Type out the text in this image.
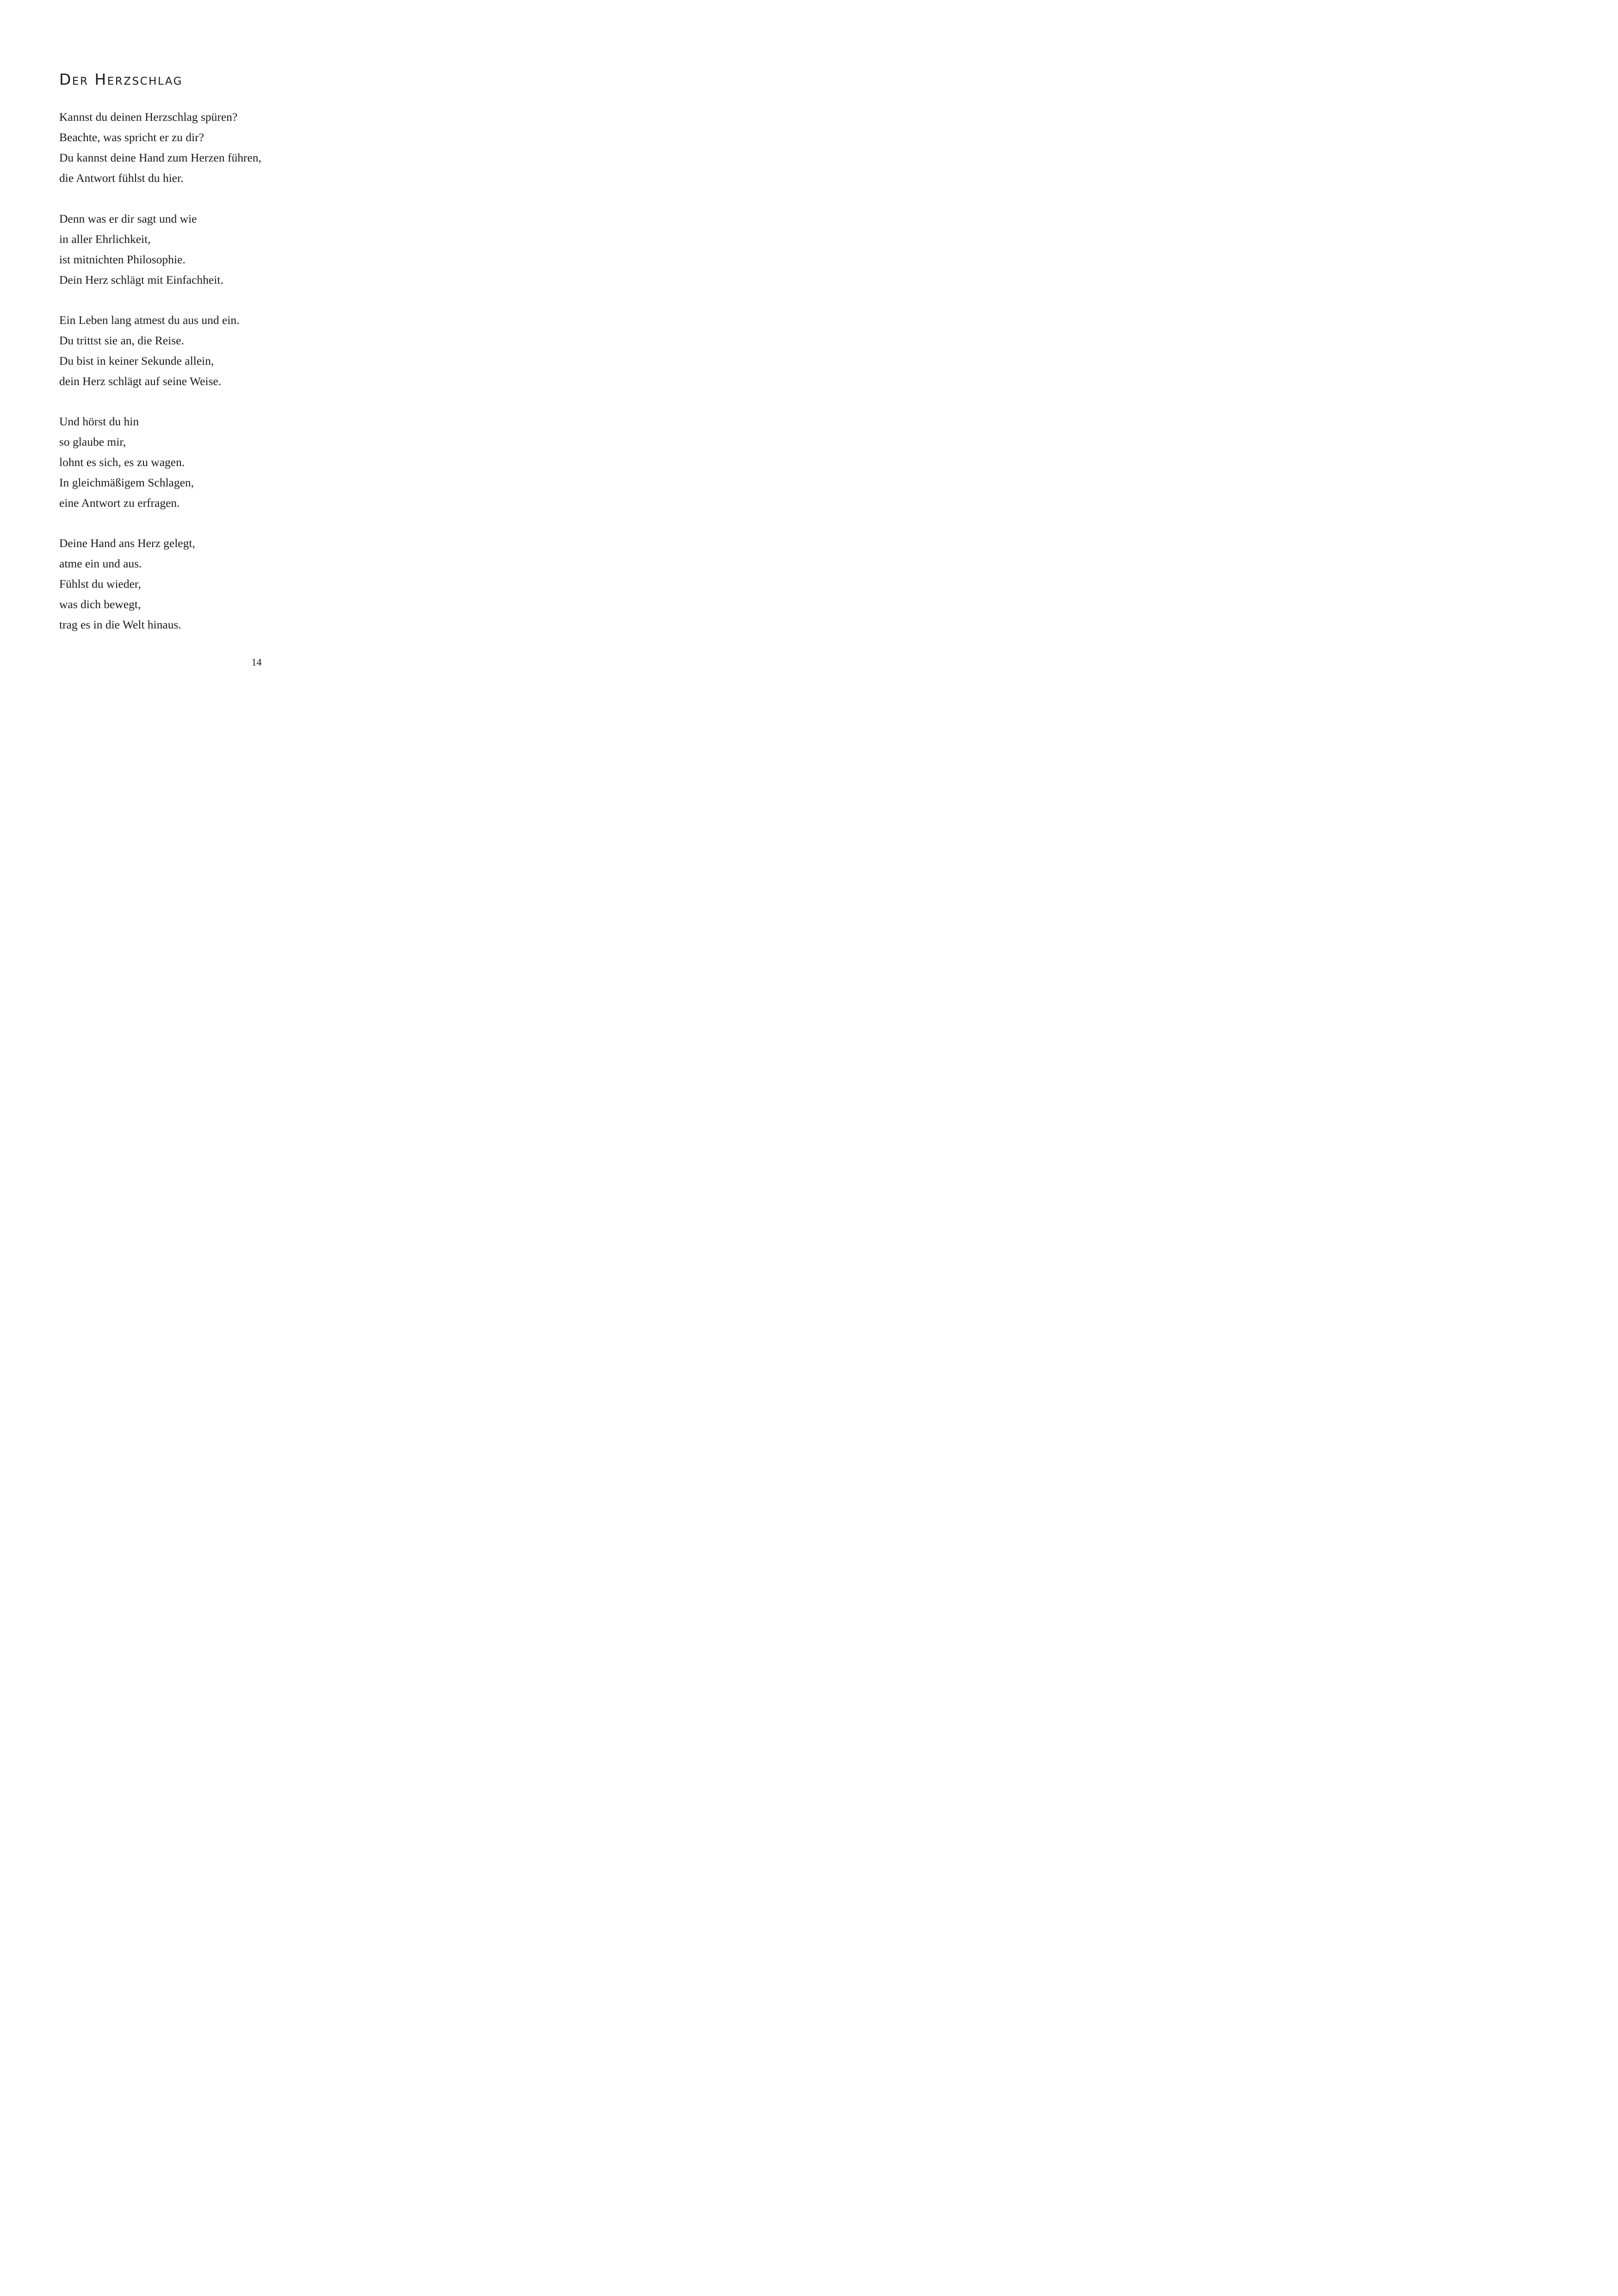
Der Herzschlag
Kannst du deinen Herzschlag spüren?
Beachte, was spricht er zu dir?
Du kannst deine Hand zum Herzen führen,
die Antwort fühlst du hier.
Denn was er dir sagt und wie
in aller Ehrlichkeit,
ist mitnichten Philosophie.
Dein Herz schlägt mit Einfachheit.
Ein Leben lang atmest du aus und ein.
Du trittst sie an, die Reise.
Du bist in keiner Sekunde allein,
dein Herz schlägt auf seine Weise.
Und hörst du hin
so glaube mir,
lohnt es sich, es zu wagen.
In gleichmäßigem Schlagen,
eine Antwort zu erfragen.
Deine Hand ans Herz gelegt,
atme ein und aus.
Fühlst du wieder,
was dich bewegt,
trag es in die Welt hinaus.
14
